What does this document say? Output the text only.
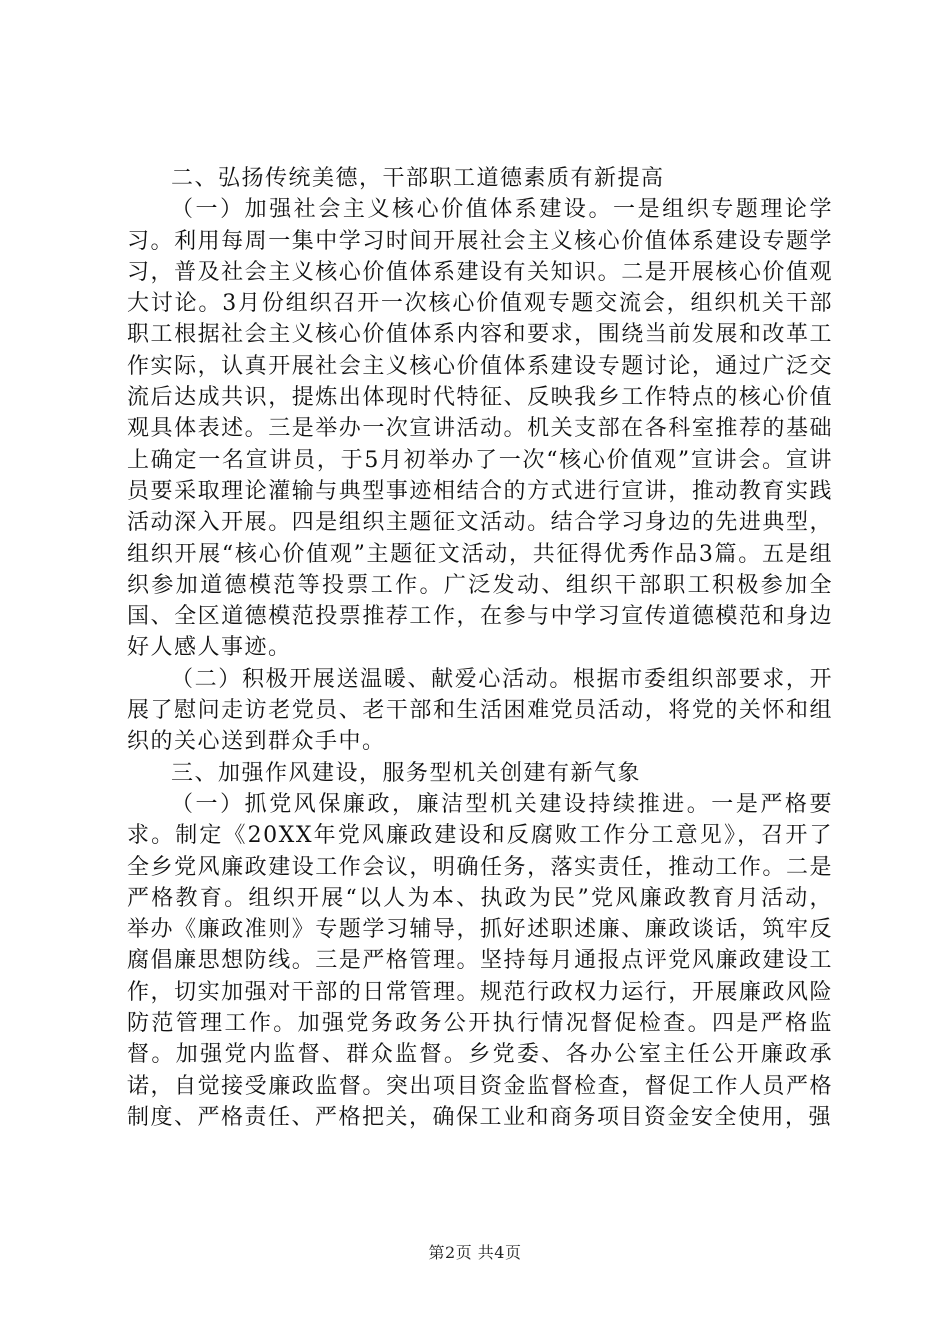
二、弘扬传统美德，干部职工道德素质有新提高

（一）加强社会主义核心价值体系建设。一是组织专题理论学习。利用每周一集中学习时间开展社会主义核心价值体系建设专题学习，普及社会主义核心价值体系建设有关知识。二是开展核心价值观大讨论。3月份组织召开一次核心价值观专题交流会，组织机关干部职工根据社会主义核心价值体系内容和要求，围绕当前发展和改革工作实际，认真开展社会主义核心价值体系建设专题讨论，通过广泛交流后达成共识，提炼出体现时代特征、反映我乡工作特点的核心价值观具体表述。三是举办一次宣讲活动。机关支部在各科室推荐的基础上确定一名宣讲员，于5月初举办了一次“核心价值观”宣讲会。宣讲员要采取理论灌输与典型事迹相结合的方式进行宣讲，推动教育实践活动深入开展。四是组织主题征文活动。结合学习身边的先进典型，组织开展“核心价值观”主题征文活动，共征得优秀作品3篇。五是组织参加道德模范等投票工作。广泛发动、组织干部职工积极参加全国、全区道德模范投票推荐工作，在参与中学习宣传道德模范和身边好人感人事迹。

（二）积极开展送温暖、献爱心活动。根据市委组织部要求，开展了慰问走访老党员、老干部和生活困难党员活动，将党的关怀和组织的关心送到群众手中。

三、加强作风建设，服务型机关创建有新气象

（一）抓党风保廉政，廉洁型机关建设持续推进。一是严格要求。制定《20XX年党风廉政建设和反腐败工作分工意见》，召开了全乡党风廉政建设工作会议，明确任务，落实责任，推动工作。二是严格教育。组织开展“以人为本、执政为民”党风廉政教育月活动，举办《廉政准则》专题学习辅导，抓好述职述廉、廉政谈话，筑牢反腐倡廉思想防线。三是严格管理。坚持每月通报点评党风廉政建设工作，切实加强对干部的日常管理。规范行政权力运行，开展廉政风险防范管理工作。加强党务政务公开执行情况督促检查。四是严格监督。加强党内监督、群众监督。乡党委、各办公室主任公开廉政承诺，自觉接受廉政监督。突出项目资金监督检查，督促工作人员严格制度、严格责任、严格把关，确保工业和商务项目资金安全使用，强

第2页 共4页
